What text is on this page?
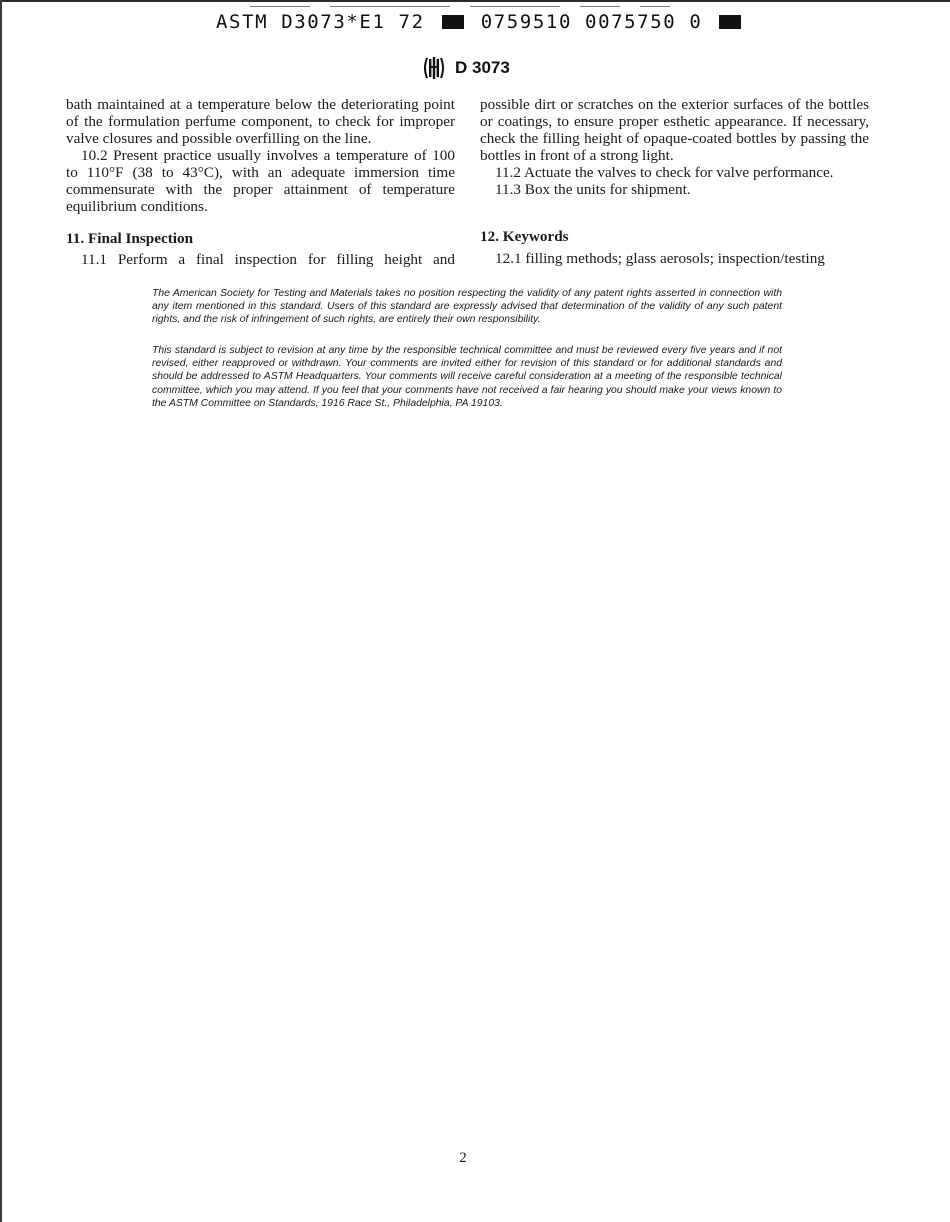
ASTM D3073*E1 72	0759510 0075750 0
D 3073

bath maintained at a temperature below the deteriorating point of the formulation perfume component, to check for improper valve closures and possible overfilling on the line.

10.2 Present practice usually involves a temperature of 100 to 110°F (38 to 43°C), with an adequate immersion time commensurate with the proper attainment of temperature equilibrium conditions.

possible dirt or scratches on the exterior surfaces of the bottles or coatings, to ensure proper esthetic appearance. If necessary, check the filling height of opaque-coated bottles by passing the bottles in front of a strong light.

11.2 Actuate the valves to check for valve performance.

11.3 Box the units for shipment.

11. Final Inspection	12. Keywords
11.1 Perform a final inspection for filling height and	12.1 filling methods; glass aerosols; inspection/testing

The American Society for Testing and Materials takes no position respecting the validity of any patent rights asserted in connection with any item mentioned in this standard. Users of this standard are expressly advised that determination of the validity of any such patent rights, and the risk of infringement of such rights, are entirely their own responsibility.

This standard is subject to revision at any time by the responsible technical committee and must be reviewed every five years and if not revised, either reapproved or withdrawn. Your comments are invited either for revision of this standard or for additional standards and should be addressed to ASTM Headquarters. Your comments will receive careful consideration at a meeting of the responsible technical committee, which you may attend. If you feel that your comments have not received a fair hearing you should make your views known to the ASTM Committee on Standards, 1916 Race St., Philadelphia, PA 19103.

2
